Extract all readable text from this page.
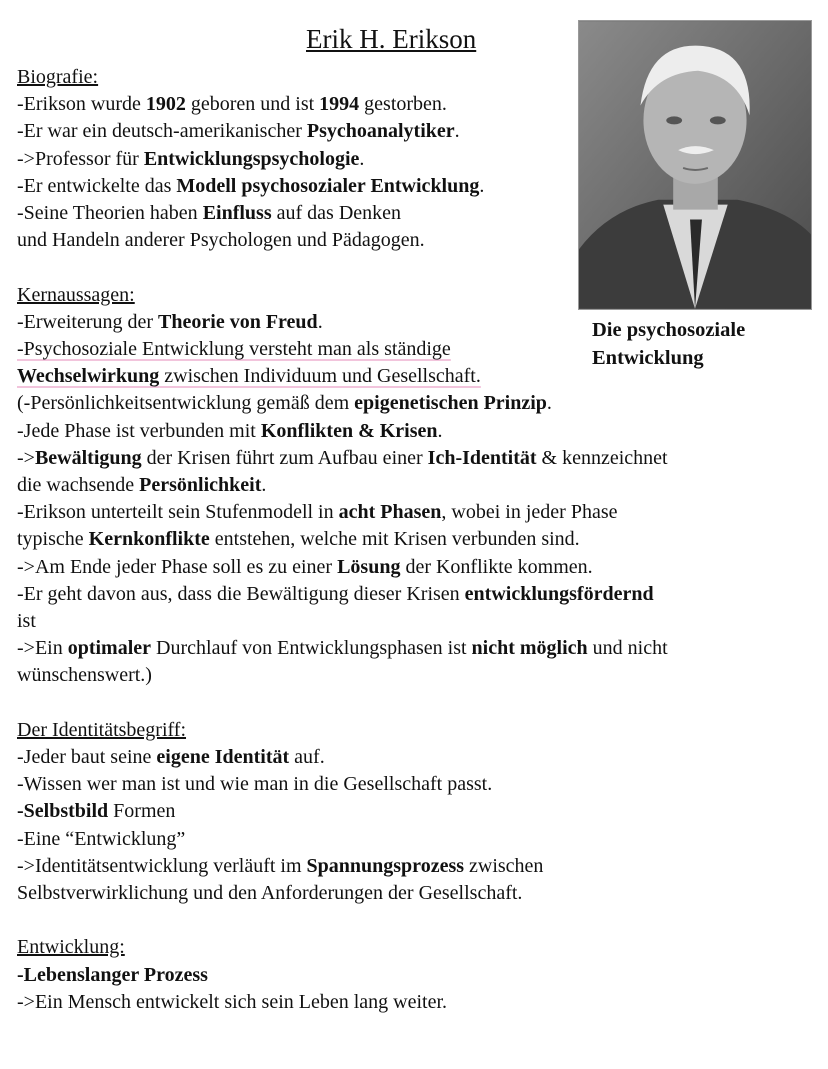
Erik H. Erikson
Die psychosoziale Entwicklung
Biografie:
-Erikson wurde 1902 geboren und ist 1994 gestorben.
-Er war ein deutsch-amerikanischer Psychoanalytiker.
->Professor für Entwicklungspsychologie.
-Er entwickelte das Modell psychosozialer Entwicklung.
-Seine Theorien haben Einfluss auf das Denken
und Handeln anderer Psychologen und Pädagogen.
Kernaussagen:
-Erweiterung der Theorie von Freud.
-Psychosoziale Entwicklung versteht man als ständige
Wechselwirkung zwischen Individuum und Gesellschaft.
(-Persönlichkeitsentwicklung gemäß dem epigenetischen Prinzip.
-Jede Phase ist verbunden mit Konflikten & Krisen.
->Bewältigung der Krisen führt zum Aufbau einer Ich-Identität & kennzeichnet
die wachsende Persönlichkeit.
-Erikson unterteilt sein Stufenmodell in acht Phasen, wobei in jeder Phase
typische Kernkonflikte entstehen, welche mit Krisen verbunden sind.
->Am Ende jeder Phase soll es zu einer Lösung der Konflikte kommen.
-Er geht davon aus, dass die Bewältigung dieser Krisen entwicklungsfördernd
ist
->Ein optimaler Durchlauf von Entwicklungsphasen ist nicht möglich und nicht
wünschenswert.)
Der Identitätsbegriff:
-Jeder baut seine eigene Identität auf.
-Wissen wer man ist und wie man in die Gesellschaft passt.
-Selbstbild Formen
-Eine “Entwicklung”
->Identitätsentwicklung verläuft im Spannungsprozess zwischen
Selbstverwirklichung und den Anforderungen der Gesellschaft.
Entwicklung:
-Lebenslanger Prozess
->Ein Mensch entwickelt sich sein Leben lang weiter.
